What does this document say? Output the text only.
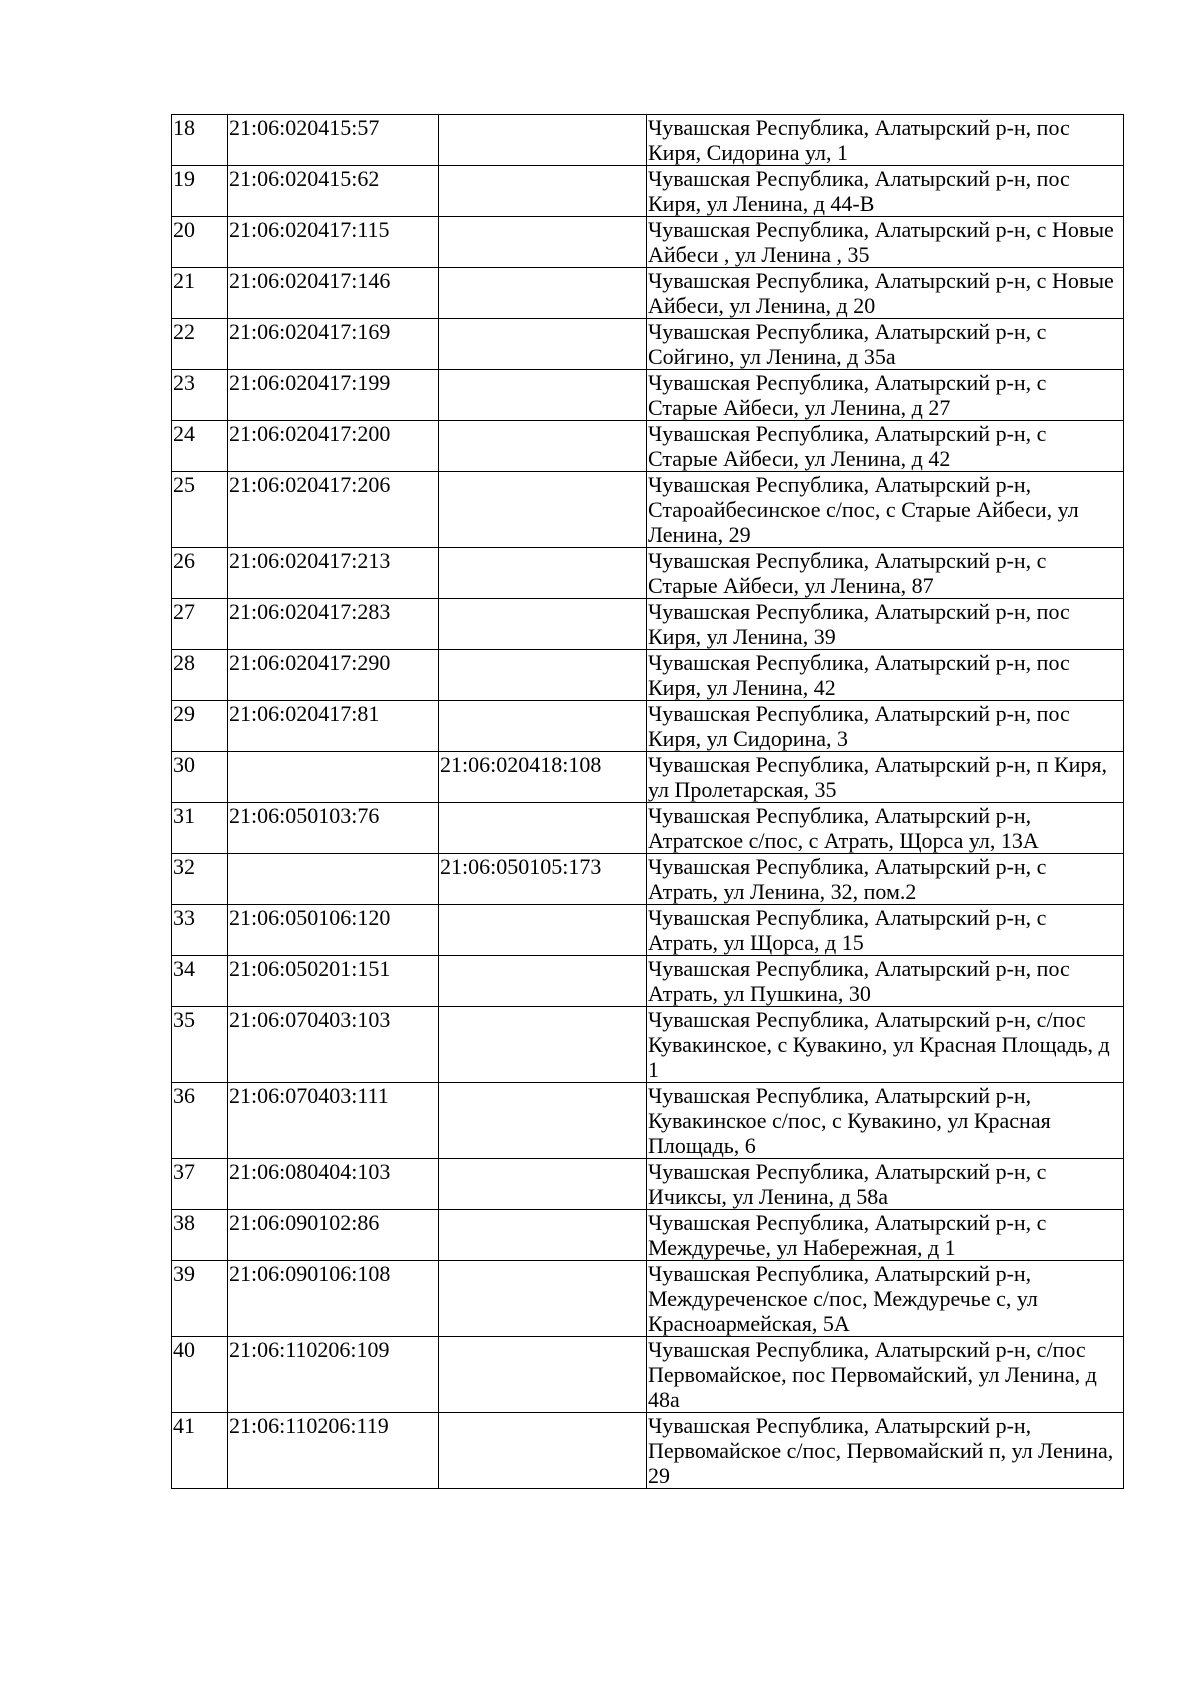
18	21:06:020415:57		Чувашская Республика, Алатырский р-н, пос Киря, Сидорина ул, 1
19	21:06:020415:62		Чувашская Республика, Алатырский р-н, пос Киря, ул Ленина, д 44-В
20	21:06:020417:115		Чувашская Республика, Алатырский р-н, с Новые Айбеси , ул Ленина , 35
21	21:06:020417:146		Чувашская Республика, Алатырский р-н, с Новые Айбеси, ул Ленина, д 20
22	21:06:020417:169		Чувашская Республика, Алатырский р-н, с Сойгино, ул Ленина, д 35а
23	21:06:020417:199		Чувашская Республика, Алатырский р-н, с Старые Айбеси, ул Ленина, д 27
24	21:06:020417:200		Чувашская Республика, Алатырский р-н, с Старые Айбеси, ул Ленина, д 42
25	21:06:020417:206		Чувашская Республика, Алатырский р-н, Староайбесинское с/пос, с Старые Айбеси, ул Ленина, 29
26	21:06:020417:213		Чувашская Республика, Алатырский р-н, с Старые Айбеси, ул Ленина, 87
27	21:06:020417:283		Чувашская Республика, Алатырский р-н, пос Киря, ул Ленина, 39
28	21:06:020417:290		Чувашская Республика, Алатырский р-н, пос Киря, ул Ленина, 42
29	21:06:020417:81		Чувашская Республика, Алатырский р-н, пос Киря, ул Сидорина, 3
30		21:06:020418:108	Чувашская Республика, Алатырский р-н, п Киря, ул Пролетарская, 35
31	21:06:050103:76		Чувашская Республика, Алатырский р-н, Атратское с/пос, с Атрать, Щорса ул, 13А
32		21:06:050105:173	Чувашская Республика, Алатырский р-н, с Атрать, ул Ленина, 32, пом.2
33	21:06:050106:120		Чувашская Республика, Алатырский р-н, с Атрать, ул Щорса, д 15
34	21:06:050201:151		Чувашская Республика, Алатырский р-н, пос Атрать, ул Пушкина, 30
35	21:06:070403:103		Чувашская Республика, Алатырский р-н, с/пос Кувакинское, с Кувакино, ул Красная Площадь, д 1
36	21:06:070403:111		Чувашская Республика, Алатырский р-н, Кувакинское с/пос, с Кувакино, ул Красная Площадь, 6
37	21:06:080404:103		Чувашская Республика, Алатырский р-н, с Ичиксы, ул Ленина, д 58а
38	21:06:090102:86		Чувашская Республика, Алатырский р-н, с Междуречье, ул Набережная, д 1
39	21:06:090106:108		Чувашская Республика, Алатырский р-н, Междуреченское с/пос, Междуречье с, ул Красноармейская, 5А
40	21:06:110206:109		Чувашская Республика, Алатырский р-н, с/пос Первомайское, пос Первомайский, ул Ленина, д 48а
41	21:06:110206:119		Чувашская Республика, Алатырский р-н, Первомайское с/пос, Первомайский п, ул Ленина, 29
